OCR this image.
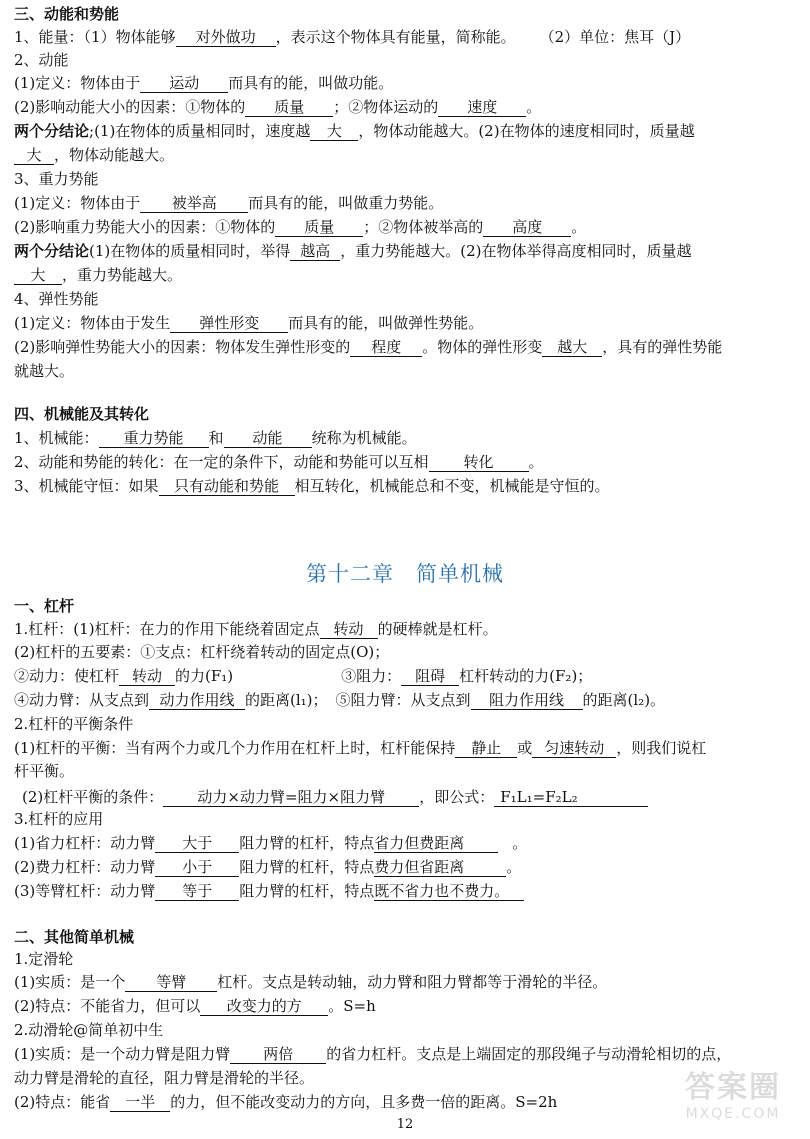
三、动能和势能
1、能量：（1）物体能够 对外做功 ，表示这个物体具有能量，简称能。 （2）单位：焦耳（J）
2、动能
(1)定义：物体由于 运动 而具有的能，叫做功能。
(2)影响动能大小的因素：①物体的 质量 ；②物体运动的 速度 。
两个分结论;(1)在物体的质量相同时，速度越 大 ，物体动能越大。(2)在物体的速度相同时，质量越
大 ，物体动能越大。
3、重力势能
(1)定义：物体由于 被举高 而具有的能，叫做重力势能。
(2)影响重力势能大小的因素：①物体的 质量 ；②物体被举高的 高度 。
两个分结论(1)在物体的质量相同时，举得 越高 ，重力势能越大。(2)在物体举得高度相同时，质量越
大 ，重力势能越大。
4、弹性势能
(1)定义：物体由于发生 弹性形变 而具有的能，叫做弹性势能。
(2)影响弹性势能大小的因素：物体发生弹性形变的 程度 。物体的弹性形变 越大 ，具有的弹性势能
就越大。
四、机械能及其转化
1、机械能： 重力势能 和 动能 统称为机械能。
2、动能和势能的转化：在一定的条件下，动能和势能可以互相 转化 。
3、机械能守恒：如果 只有动能和势能 相互转化，机械能总和不变，机械能是守恒的。
第十二章　简单机械
一、杠杆
1.杠杆：(1)杠杆：在力的作用下能绕着固定点 转动 的硬棒就是杠杆。
(2)杠杆的五要素：①支点：杠杆绕着转动的固定点(O)；
②动力：使杠杆 转动 的力(F₁)	③阻力： 阻碍 杠杆转动的力(F₂)；
④动力臂：从支点到 动力作用线 的距离(l₁)； ⑤阻力臂：从支点到 阻力作用线 的距离(l₂)。
2.杠杆的平衡条件
(1)杠杆的平衡：当有两个力或几个力作用在杠杆上时，杠杆能保持 静止 或 匀速转动 ，则我们说杠
杆平衡。
(2)杠杆平衡的条件： 动力×动力臂=阻力×阻力臂 ，即公式： F₁L₁=F₂L₂
3.杠杆的应用
(1)省力杠杆：动力臂 大于 阻力臂的杠杆，特点省力但费距离	。
(2)费力杠杆：动力臂 小于 阻力臂的杠杆，特点费力但省距离	。
(3)等臂杠杆：动力臂 等于 阻力臂的杠杆，特点既不省力也不费力。
二、其他简单机械
1.定滑轮
(1)实质：是一个 等臂 杠杆。支点是转动轴，动力臂和阻力臂都等于滑轮的半径。
(2)特点：不能省力，但可以 改变力的方 。S=h
2.动滑轮@简单初中生
(1)实质：是一个动力臂是阻力臂 两倍 的省力杠杆。支点是上端固定的那段绳子与动滑轮相切的点，
动力臂是滑轮的直径，阻力臂是滑轮的半径。
(2)特点：能省 一半 的力，但不能改变动力的方向，且多费一倍的距离。S=2h
12
答案圈
MXQE.COM
